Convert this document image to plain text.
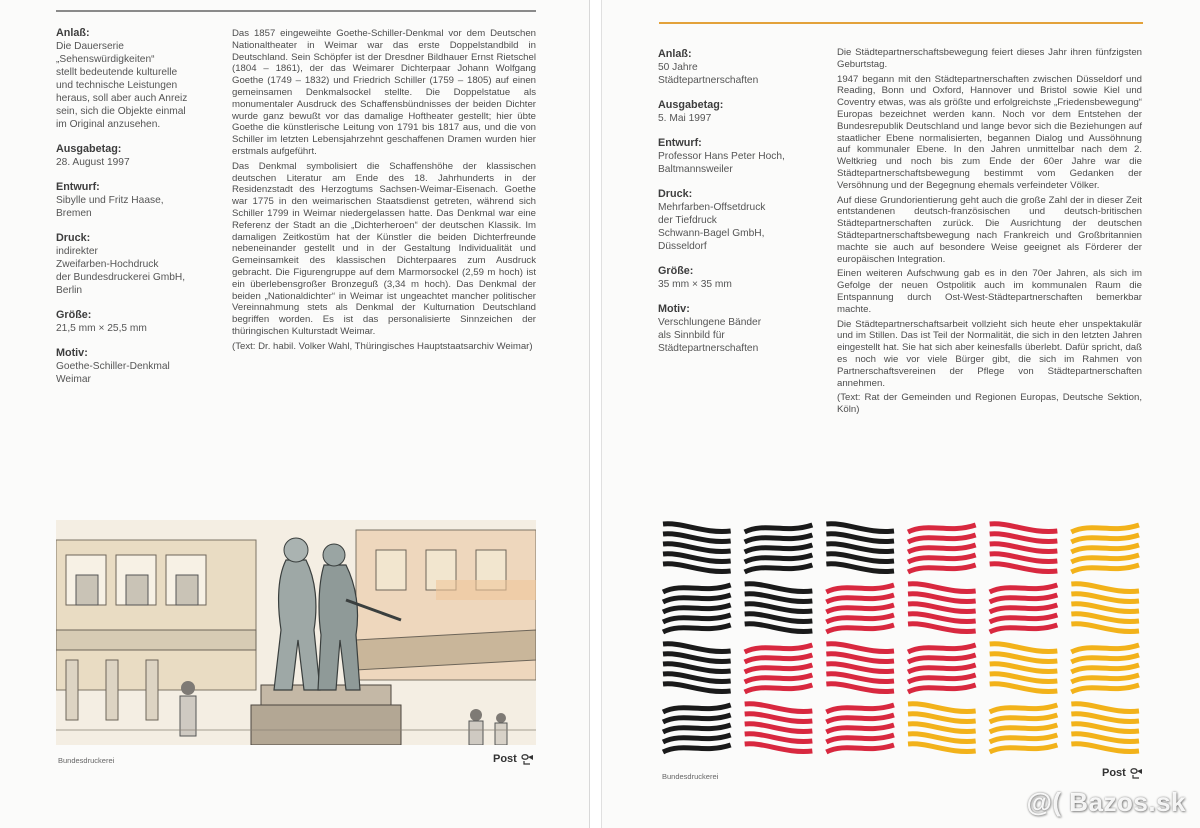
Anlaß:
Die Dauerserie
„Sehenswürdigkeiten“
stellt bedeutende kulturelle
und technische Leistungen
heraus, soll aber auch Anreiz
sein, sich die Objekte einmal
im Original anzusehen.
Ausgabetag:
28. August 1997
Entwurf:
Sibylle und Fritz Haase,
Bremen
Druck:
indirekter
Zweifarben-Hochdruck
der Bundesdruckerei GmbH,
Berlin
Größe:
21,5 mm × 25,5 mm
Motiv:
Goethe-Schiller-Denkmal
Weimar

Das 1857 eingeweihte Goethe-Schiller-Denkmal vor dem Deutschen Nationaltheater in Weimar war das erste Doppelstandbild in Deutschland. Sein Schöpfer ist der Dresdner Bildhauer Ernst Rietschel (1804 – 1861), der das Weimarer Dichterpaar Johann Wolfgang Goethe (1749 – 1832) und Friedrich Schiller (1759 – 1805) auf einen gemeinsamen Denkmalsockel stellte. Die Doppelstatue als monumentaler Ausdruck des Schaffensbündnisses der beiden Dichter wurde ganz bewußt vor das damalige Hoftheater gestellt; hier übte Goethe die künstlerische Leitung von 1791 bis 1817 aus, und die von Schiller im letzten Lebensjahrzehnt geschaffenen Dramen wurden hier erstmals aufgeführt.

Das Denkmal symbolisiert die Schaffenshöhe der klassischen deutschen Literatur am Ende des 18. Jahrhunderts in der Residenzstadt des Herzogtums Sachsen-Weimar-Eisenach. Goethe war 1775 in den weimarischen Staatsdienst getreten, während sich Schiller 1799 in Weimar niedergelassen hatte. Das Denkmal war eine Referenz der Stadt an die „Dichterheroen“ der deutschen Klassik. Im damaligen Zeitkostüm hat der Künstler die beiden Dichterfreunde nebeneinander gestellt und in der Gestaltung Individualität und Gemeinsamkeit des klassischen Dichterpaares zum Ausdruck gebracht. Die Figurengruppe auf dem Marmorsockel (2,59 m hoch) ist ein überlebensgroßer Bronzeguß (3,34 m hoch). Das Denkmal der beiden „Nationaldichter“ in Weimar ist ungeachtet mancher politischer Vereinnahmung stets als Denkmal der Kulturnation Deutschland begriffen worden. Es ist das personalisierte Sinnzeichen der thüringischen Kulturstadt Weimar.

(Text: Dr. habil. Volker Wahl, Thüringisches Hauptstaatsarchiv Weimar)

Bundesdruckerei	Post
Anlaß:
50 Jahre
Städtepartnerschaften
Ausgabetag:
5. Mai 1997
Entwurf:
Professor Hans Peter Hoch,
Baltmannsweiler
Druck:
Mehrfarben-Offsetdruck
der Tiefdruck
Schwann-Bagel GmbH,
Düsseldorf
Größe:
35 mm × 35 mm
Motiv:
Verschlungene Bänder
als Sinnbild für
Städtepartnerschaften

Die Städtepartnerschaftsbewegung feiert dieses Jahr ihren fünfzigsten Geburtstag.

1947 begann mit den Städtepartnerschaften zwischen Düsseldorf und Reading, Bonn und Oxford, Hannover und Bristol sowie Kiel und Coventry etwas, was als größte und erfolgreichste „Friedensbewegung“ Europas bezeichnet werden kann. Noch vor dem Entstehen der Bundesrepublik Deutschland und lange bevor sich die Beziehungen auf staatlicher Ebene normalisierten, begannen Dialog und Aussöhnung auf kommunaler Ebene. In den Jahren unmittelbar nach dem 2. Weltkrieg und noch bis zum Ende der 60er Jahre war die Städtepartnerschaftsbewegung bestimmt vom Gedanken der Versöhnung und der Begegnung ehemals verfeindeter Völker.

Auf diese Grundorientierung geht auch die große Zahl der in dieser Zeit entstandenen deutsch-französischen und deutsch-britischen Städtepartnerschaften zurück. Die Ausrichtung der deutschen Städtepartnerschaftsbewegung nach Frankreich und Großbritannien machte sie auch auf besondere Weise geeignet als Förderer der europäischen Integration.

Einen weiteren Aufschwung gab es in den 70er Jahren, als sich im Gefolge der neuen Ostpolitik auch im kommunalen Raum die Entspannung durch Ost-West-Städtepartnerschaften bemerkbar machte.

Die Städtepartnerschaftsarbeit vollzieht sich heute eher unspektakulär und im Stillen. Das ist Teil der Normalität, die sich in den letzten Jahren eingestellt hat. Sie hat sich aber keinesfalls überlebt. Dafür spricht, daß es noch wie vor viele Bürger gibt, die sich im Rahmen von Partnerschaftsvereinen der Pflege von Städtepartnerschaften annehmen.

(Text: Rat der Gemeinden und Regionen Europas, Deutsche Sektion, Köln)

Bundesdruckerei	Post
@( Bazos.sk
